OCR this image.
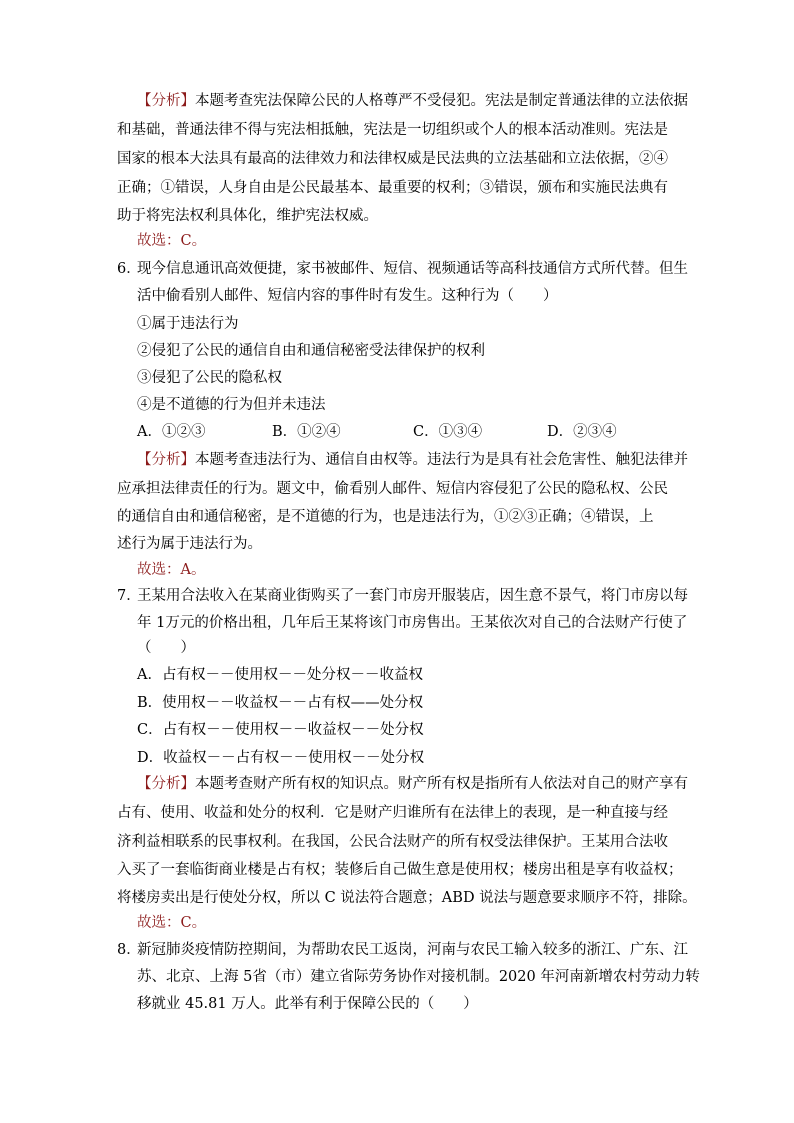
【分析】本题考查宪法保障公民的人格尊严不受侵犯。宪法是制定普通法律的立法依据
和基础，普通法律不得与宪法相抵触，宪法是一切组织或个人的根本活动准则。宪法是
国家的根本大法具有最高的法律效力和法律权威是民法典的立法基础和立法依据，②④
正确；①错误，人身自由是公民最基本、最重要的权利；③错误，颁布和实施民法典有
助于将宪法权利具体化，维护宪法权威。
故选：C。
6．
现今信息通讯高效便捷，家书被邮件、短信、视频通话等高科技通信方式所代替。但生
活中偷看别人邮件、短信内容的事件时有发生。这种行为（　　）
①属于违法行为
②侵犯了公民的通信自由和通信秘密受法律保护的权利
③侵犯了公民的隐私权
④是不道德的行为但并未违法
A．①②③	B．①②④	C．①③④	D．②③④
【分析】本题考查违法行为、通信自由权等。违法行为是具有社会危害性、触犯法律并
应承担法律责任的行为。题文中，偷看别人邮件、短信内容侵犯了公民的隐私权、公民
的通信自由和通信秘密，是不道德的行为，也是违法行为，①②③正确；④错误，上
述行为属于违法行为。
故选：A。
7．
王某用合法收入在某商业街购买了一套门市房开服装店，因生意不景气，将门市房以每
年 1万元的价格出租，几年后王某将该门市房售出。王某依次对自己的合法财产行使了
（　　）
A．占有权－－使用权－－处分权－－收益权
B．使用权－－收益权－－占有权——处分权
C．占有权－－使用权－－收益权－－处分权
D．收益权－－占有权－－使用权－－处分权
【分析】本题考查财产所有权的知识点。财产所有权是指所有人依法对自己的财产享有
占有、使用、收益和处分的权利．它是财产归谁所有在法律上的表现，是一种直接与经
济利益相联系的民事权利。在我国，公民合法财产的所有权受法律保护。王某用合法收
入买了一套临街商业楼是占有权；装修后自己做生意是使用权；楼房出租是享有收益权；
将楼房卖出是行使处分权，所以 C 说法符合题意；ABD 说法与题意要求顺序不符，排除。
故选：C。
8．
新冠肺炎疫情防控期间，为帮助农民工返岗，河南与农民工输入较多的浙江、广东、江
苏、北京、上海 5省（市）建立省际劳务协作对接机制。2020 年河南新增农村劳动力转
移就业 45.81 万人。此举有利于保障公民的（　　）
